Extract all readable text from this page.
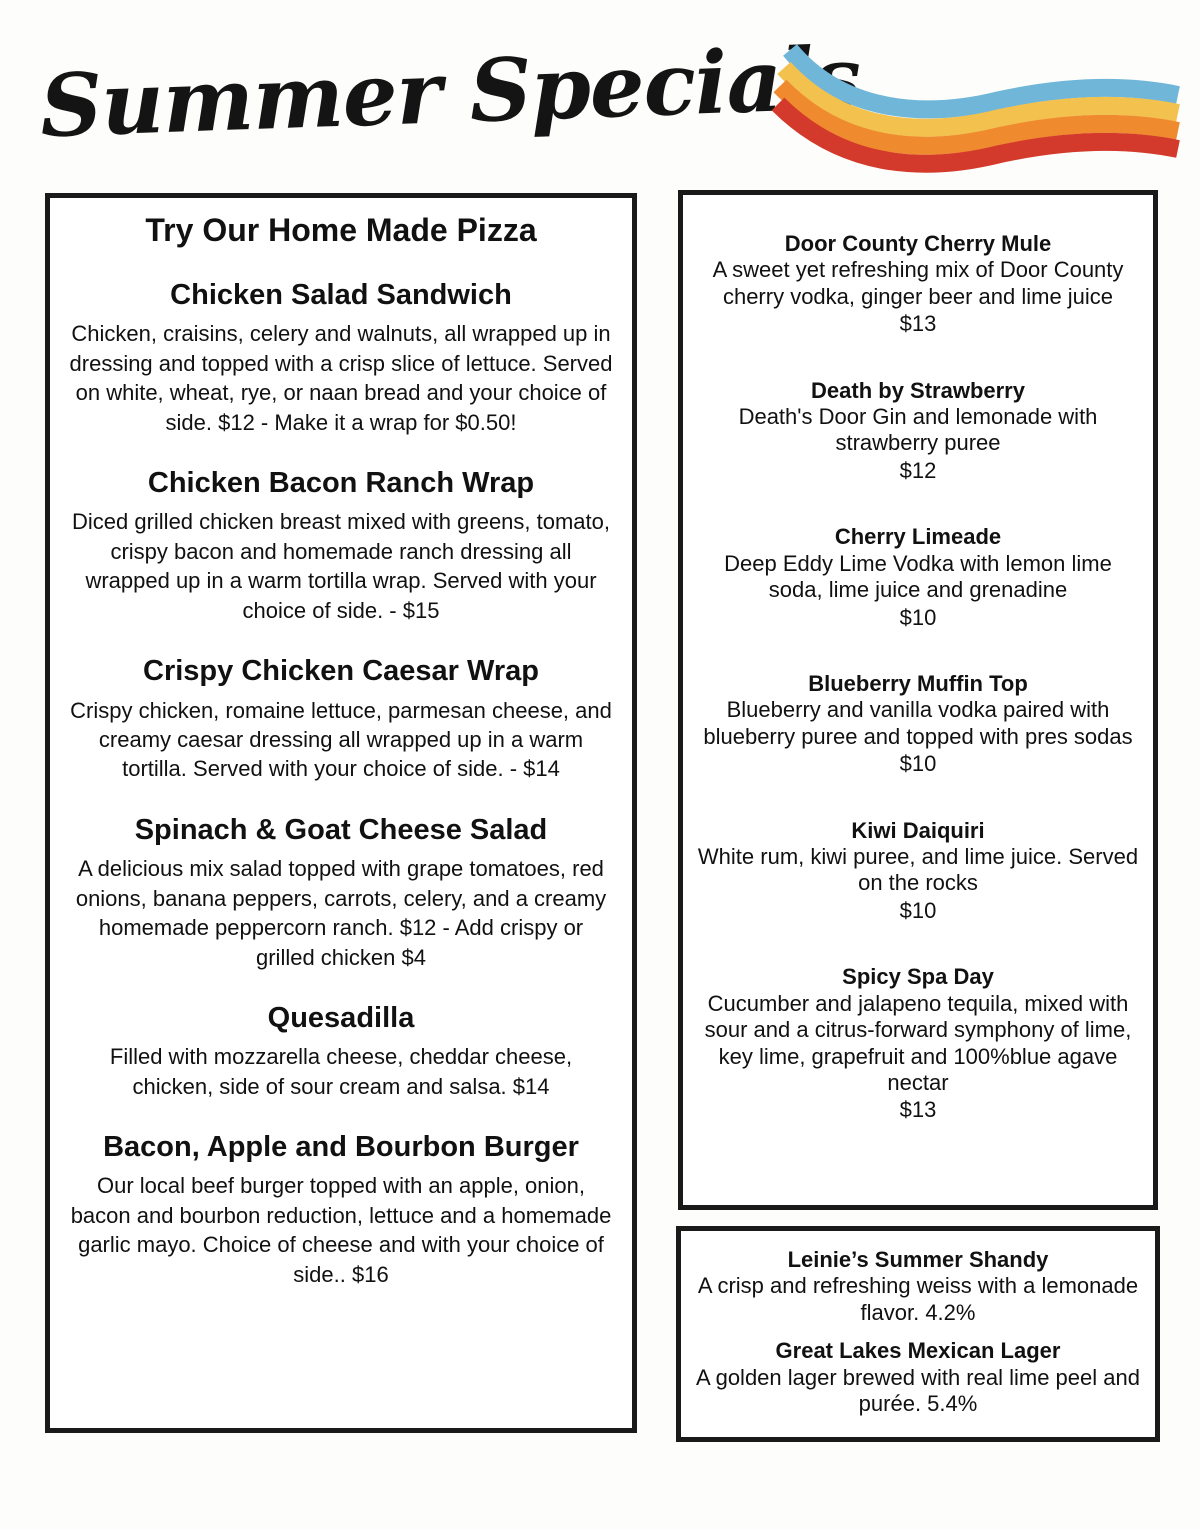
Summer Specials
Try Our Home Made Pizza
Chicken Salad Sandwich

Chicken, craisins, celery and walnuts, all wrapped up in dressing and topped with a crisp slice of lettuce. Served on white, wheat, rye, or naan bread and your choice of side. $12 - Make it a wrap for $0.50!

Chicken Bacon Ranch Wrap

Diced grilled chicken breast mixed with greens, tomato, crispy bacon and homemade ranch dressing all wrapped up in a warm tortilla wrap. Served with your choice of side. - $15

Crispy Chicken Caesar Wrap

Crispy chicken, romaine lettuce, parmesan cheese, and creamy caesar dressing all wrapped up in a warm tortilla. Served with your choice of side. - $14

Spinach & Goat Cheese Salad

A delicious mix salad topped with grape tomatoes, red onions, banana peppers, carrots, celery, and a creamy homemade peppercorn ranch. $12 - Add crispy or grilled chicken $4

Quesadilla

Filled with mozzarella cheese, cheddar cheese, chicken, side of sour cream and salsa. $14

Bacon, Apple and Bourbon Burger

Our local beef burger topped with an apple, onion, bacon and bourbon reduction, lettuce and a homemade garlic mayo. Choice of cheese and with your choice of side.. $16

Door County Cherry Mule
A sweet yet refreshing mix of Door County cherry vodka, ginger beer and lime juice
$13
Death by Strawberry
Death's Door Gin and lemonade with strawberry puree
$12
Cherry Limeade
Deep Eddy Lime Vodka with lemon lime soda, lime juice and grenadine
$10
Blueberry Muffin Top
Blueberry and vanilla vodka paired with blueberry puree and topped with pres sodas
$10
Kiwi Daiquiri
White rum, kiwi puree, and lime juice. Served on the rocks
$10
Spicy Spa Day
Cucumber and jalapeno tequila, mixed with sour and a citrus-forward symphony of lime, key lime, grapefruit and 100%blue agave nectar
$13
Leinie’s Summer Shandy
A crisp and refreshing weiss with a lemonade flavor. 4.2%
Great Lakes Mexican Lager
A golden lager brewed with real lime peel and purée. 5.4%
